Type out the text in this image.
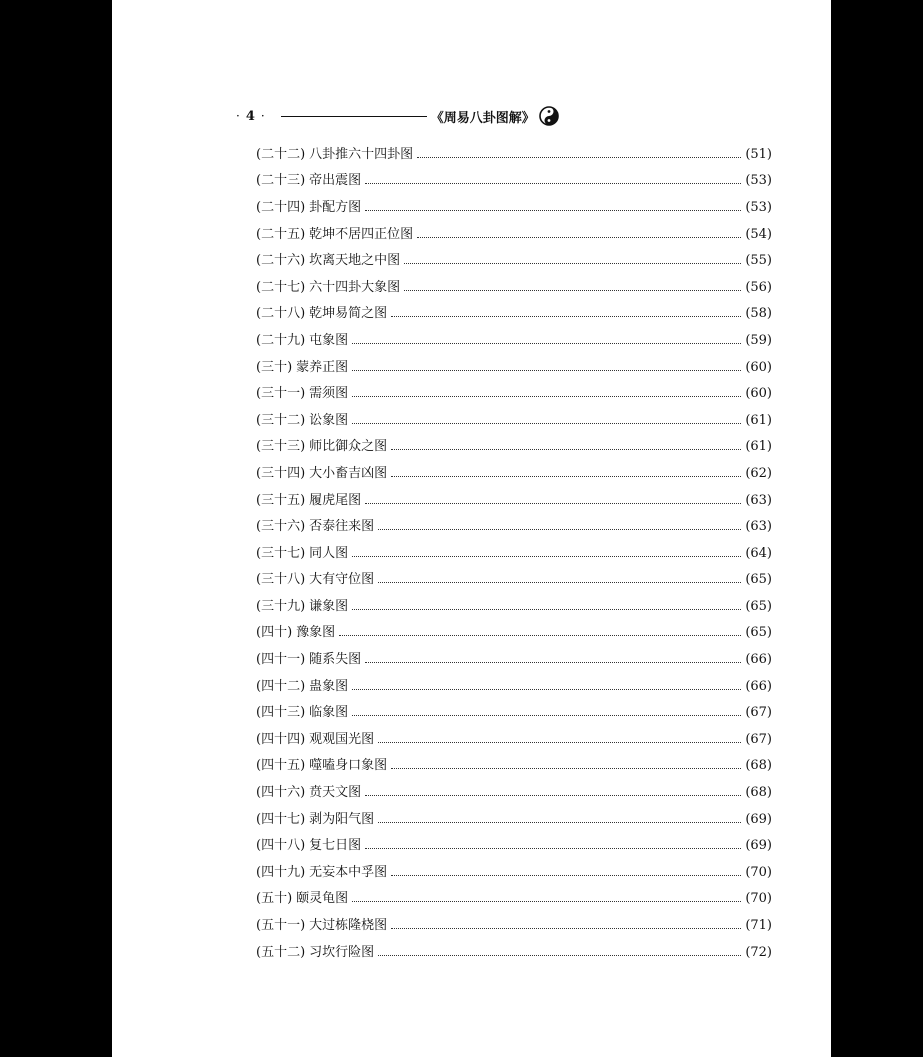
· 4 ·	《周易八卦图解》
(二十二) 八卦推六十四卦图	(51)
(二十三) 帝出震图	(53)
(二十四) 卦配方图	(53)
(二十五) 乾坤不居四正位图	(54)
(二十六) 坎离天地之中图	(55)
(二十七) 六十四卦大象图	(56)
(二十八) 乾坤易简之图	(58)
(二十九) 屯象图	(59)
(三十) 蒙养正图	(60)
(三十一) 需须图	(60)
(三十二) 讼象图	(61)
(三十三) 师比御众之图	(61)
(三十四) 大小畜吉凶图	(62)
(三十五) 履虎尾图	(63)
(三十六) 否泰往来图	(63)
(三十七) 同人图	(64)
(三十八) 大有守位图	(65)
(三十九) 谦象图	(65)
(四十) 豫象图	(65)
(四十一) 随系失图	(66)
(四十二) 蛊象图	(66)
(四十三) 临象图	(67)
(四十四) 观观国光图	(67)
(四十五) 噬嗑身口象图	(68)
(四十六) 贲天文图	(68)
(四十七) 剥为阳气图	(69)
(四十八) 复七日图	(69)
(四十九) 无妄本中孚图	(70)
(五十) 颐灵龟图	(70)
(五十一) 大过栋隆桡图	(71)
(五十二) 习坎行险图	(72)
